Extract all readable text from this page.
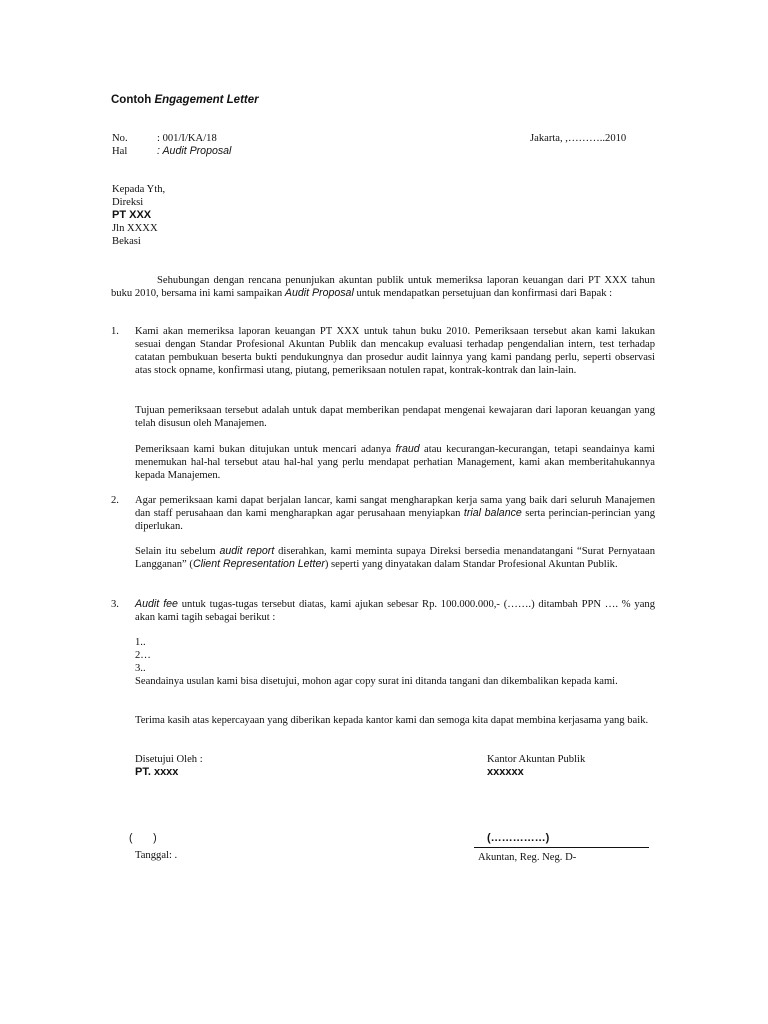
Contoh Engagement Letter
No.	: 001/I/KA/18	Jakarta, ,………..2010
Hal	: Audit Proposal
Kepada Yth,
Direksi
PT XXX
Jln XXXX
Bekasi

Sehubungan dengan rencana penunjukan akuntan publik untuk memeriksa laporan keuangan dari PT XXX tahun buku 2010, bersama ini kami sampaikan Audit Proposal untuk mendapatkan persetujuan dan konfirmasi dari Bapak :

1. Kami akan memeriksa laporan keuangan PT XXX untuk tahun buku 2010. Pemeriksaan tersebut akan kami lakukan sesuai dengan Standar Profesional Akuntan Publik dan mencakup evaluasi terhadap pengendalian intern, test terhadap catatan pembukuan beserta bukti pendukungnya dan prosedur audit lainnya yang kami pandang perlu, seperti observasi atas stock opname, konfirmasi utang, piutang, pemeriksaan notulen rapat, kontrak-kontrak dan lain-lain.

Tujuan pemeriksaan tersebut adalah untuk dapat memberikan pendapat mengenai kewajaran dari laporan keuangan yang telah disusun oleh Manajemen.

Pemeriksaan kami bukan ditujukan untuk mencari adanya fraud atau kecurangan-kecurangan, tetapi seandainya kami menemukan hal-hal tersebut atau hal-hal yang perlu mendapat perhatian Management, kami akan memberitahukannya kepada Manajemen.

2. Agar pemeriksaan kami dapat berjalan lancar, kami sangat mengharapkan kerja sama yang baik dari seluruh Manajemen dan staff perusahaan dan kami mengharapkan agar perusahaan menyiapkan trial balance serta perincian-perincian yang diperlukan.

Selain itu sebelum audit report diserahkan, kami meminta supaya Direksi bersedia menandatangani “Surat Pernyataan Langganan” (Client Representation Letter) seperti yang dinyatakan dalam Standar Profesional Akuntan Publik.

3. Audit fee untuk tugas-tugas tersebut diatas, kami ajukan sebesar Rp. 100.000.000,- (…….) ditambah PPN …. % yang akan kami tagih sebagai berikut :

1..
2…
3..

Seandainya usulan kami bisa disetujui, mohon agar copy surat ini ditanda tangani dan dikembalikan kepada kami.

Terima kasih atas kepercayaan yang diberikan kepada kantor kami dan semoga kita dapat membina kerjasama yang baik.

Disetujui Oleh :
PT. xxxx
(       )
Tanggal: .
Kantor Akuntan Publik
xxxxxx
(……………)
Akuntan, Reg. Neg. D-
